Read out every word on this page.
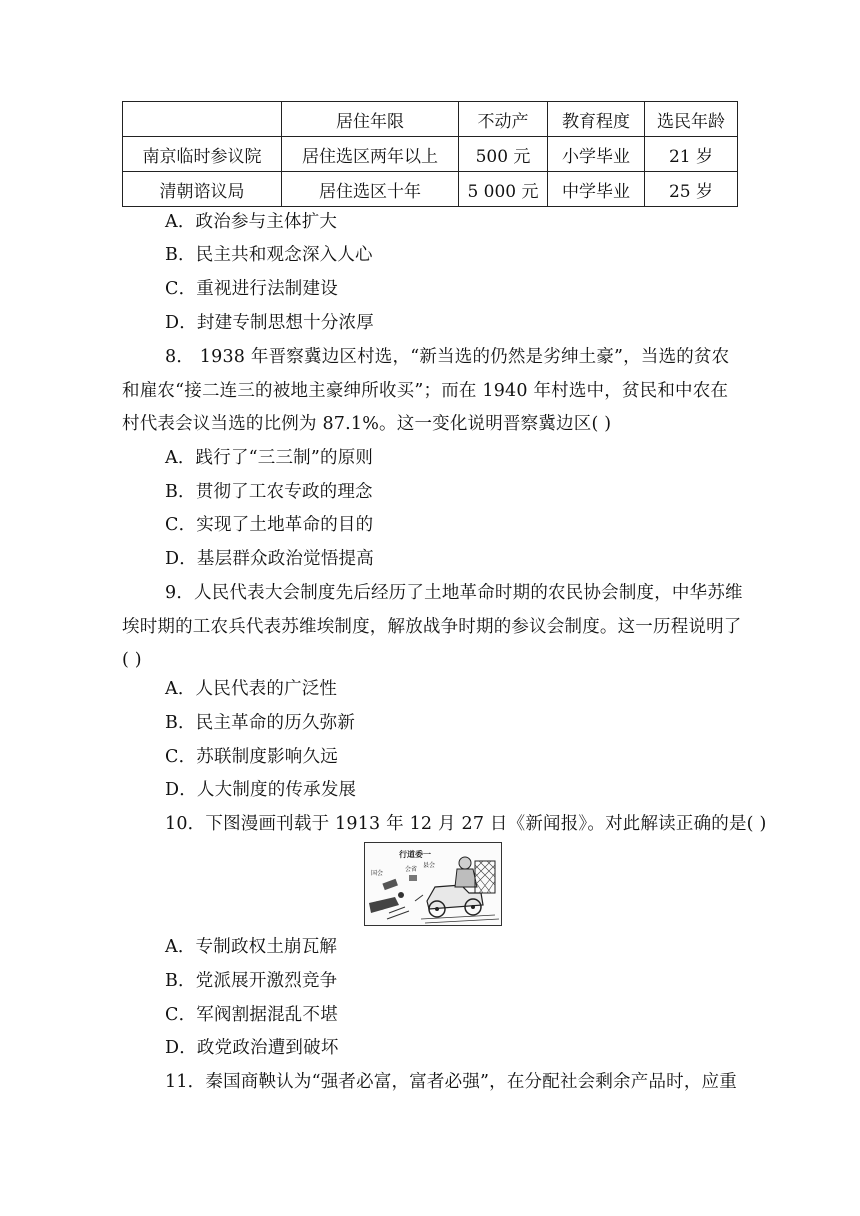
	居住年限	不动产	教育程度	选民年龄
南京临时参议院	居住选区两年以上	500 元	小学毕业	21 岁
清朝谘议局	居住选区十年	5 000 元	中学毕业	25 岁
A．政治参与主体扩大
B．民主共和观念深入人心
C．重视进行法制建设
D．封建专制思想十分浓厚
8． 1938 年晋察冀边区村选，“新当选的仍然是劣绅土豪”，当选的贫农
和雇农“接二连三的被地主豪绅所收买”；而在 1940 年村选中，贫民和中农在
村代表会议当选的比例为 87.1%。这一变化说明晋察冀边区( )
A．践行了“三三制”的原则
B．贯彻了工农专政的理念
C．实现了土地革命的目的
D．基层群众政治觉悟提高
9．人民代表大会制度先后经历了土地革命时期的农民协会制度，中华苏维
埃时期的工农兵代表苏维埃制度，解放战争时期的参议会制度。这一历程说明了
( )
A．人民代表的广泛性
B．民主革命的历久弥新
C．苏联制度影响久远
D．人大制度的传承发展
10．下图漫画刊载于 1913 年 12 月 27 日《新闻报》。对此解读正确的是( )
行道委一
国会
会省
县会
A．专制政权土崩瓦解
B．党派展开激烈竞争
C．军阀割据混乱不堪
D．政党政治遭到破坏
11．秦国商鞅认为“强者必富，富者必强”，在分配社会剩余产品时，应重
